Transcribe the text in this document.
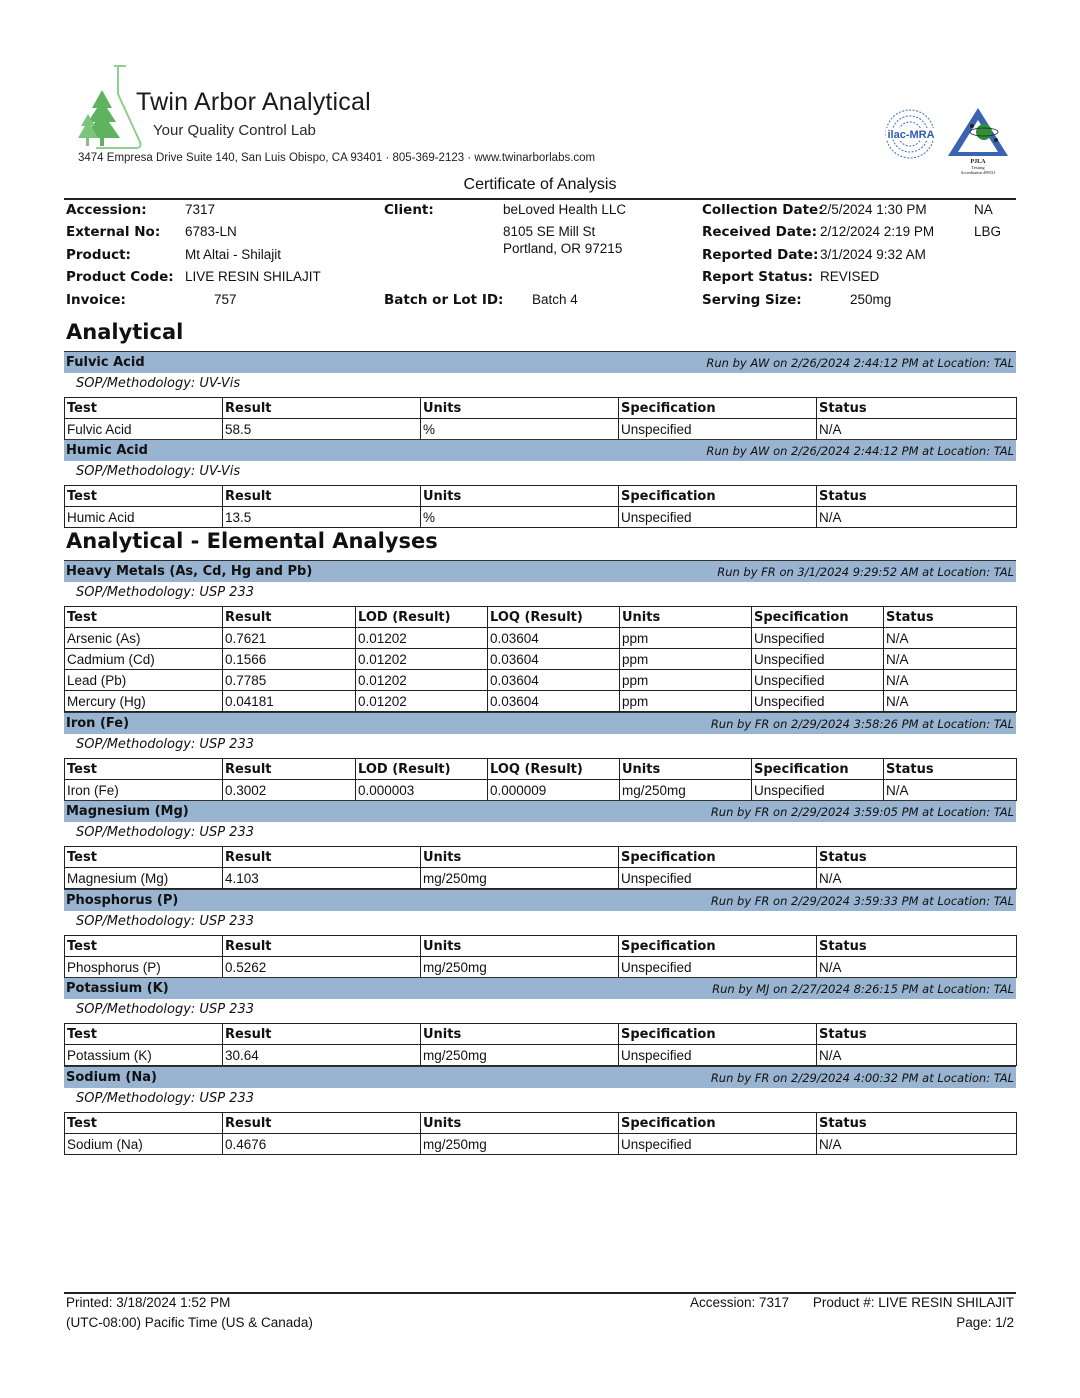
Twin Arbor Analytical
Your Quality Control Lab
3474 Empresa Drive Suite 140, San Luis Obispo, CA 93401 · 805-369-2123 · www.twinarborlabs.com
ilac-MRA
PJLA
Testing
Accreditation #99531
Certificate of Analysis
Accession:	7317
External No: 6783-LN
Product:	Mt Altai - Shilajit
Product Code: LIVE RESIN SHILAJIT
Invoice:	757
Client:	beLoved Health LLC
8105 SE Mill St
Portland, OR 97215
Batch or Lot ID: Batch 4
Collection Date:
2/5/2024 1:30 PM	NA
Received Date: 2/12/2024 2:19 PM	LBG
Reported Date: 3/1/2024 9:32 AM
Report Status: REVISED
Serving Size:	250mg
Analytical
Fulvic Acid	Run by AW on 2/26/2024 2:44:12 PM at Location: TAL
SOP/Methodology: UV-Vis
Test	Result	Units	Specification	Status
Fulvic Acid	58.5	%	Unspecified	N/A
Humic Acid	Run by AW on 2/26/2024 2:44:12 PM at Location: TAL
SOP/Methodology: UV-Vis
Test	Result	Units	Specification	Status
Humic Acid	13.5	%	Unspecified	N/A
Analytical - Elemental Analyses
Heavy Metals (As, Cd, Hg and Pb)	Run by FR on 3/1/2024 9:29:52 AM at Location: TAL
SOP/Methodology: USP 233
Test	Result	LOD (Result)	LOQ (Result)	Units	Specification	Status
Arsenic (As)	0.7621	0.01202	0.03604	ppm	Unspecified	N/A
Cadmium (Cd)	0.1566	0.01202	0.03604	ppm	Unspecified	N/A
Lead (Pb)	0.7785	0.01202	0.03604	ppm	Unspecified	N/A
Mercury (Hg)	0.04181	0.01202	0.03604	ppm	Unspecified	N/A
Iron (Fe)	Run by FR on 2/29/2024 3:58:26 PM at Location: TAL
SOP/Methodology: USP 233
Test	Result	LOD (Result)	LOQ (Result)	Units	Specification	Status
Iron (Fe)	0.3002	0.000003	0.000009	mg/250mg	Unspecified	N/A
Magnesium (Mg)	Run by FR on 2/29/2024 3:59:05 PM at Location: TAL
SOP/Methodology: USP 233
Test	Result	Units	Specification	Status
Magnesium (Mg)	4.103	mg/250mg	Unspecified	N/A
Phosphorus (P)	Run by FR on 2/29/2024 3:59:33 PM at Location: TAL
SOP/Methodology: USP 233
Test	Result	Units	Specification	Status
Phosphorus (P)	0.5262	mg/250mg	Unspecified	N/A
Potassium (K)	Run by MJ on 2/27/2024 8:26:15 PM at Location: TAL
SOP/Methodology: USP 233
Test	Result	Units	Specification	Status
Potassium (K)	30.64	mg/250mg	Unspecified	N/A
Sodium (Na)	Run by FR on 2/29/2024 4:00:32 PM at Location: TAL
SOP/Methodology: USP 233
Test	Result	Units	Specification	Status
Sodium (Na)	0.4676	mg/250mg	Unspecified	N/A
Printed: 3/18/2024 1:52 PM
(UTC-08:00) Pacific Time (US & Canada)
Accession: 7317 Product #: LIVE RESIN SHILAJIT
Page: 1/2
